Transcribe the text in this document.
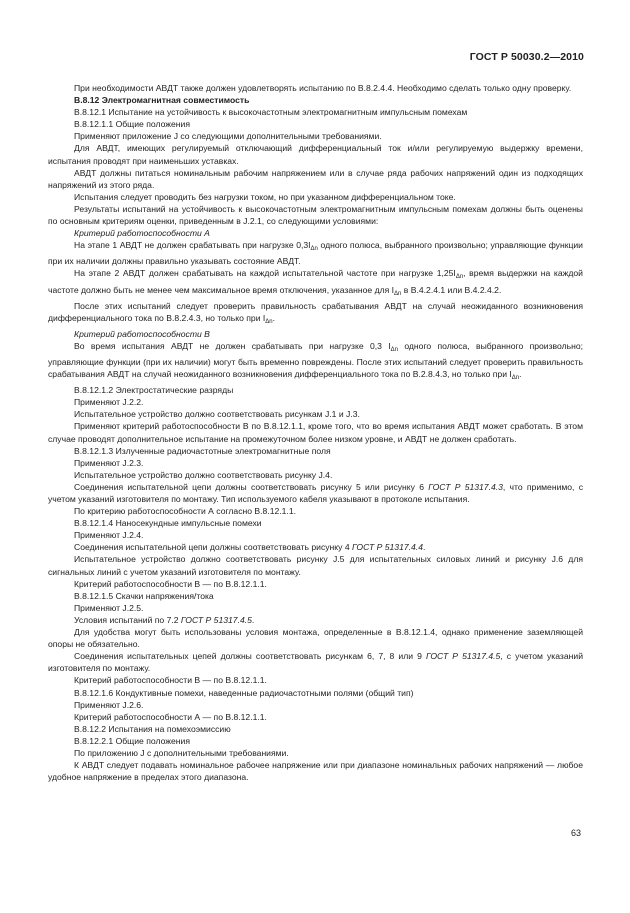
ГОСТ Р 50030.2—2010

При необходимости АВДТ также должен удовлетворять испытанию по В.8.2.4.4. Необходимо сделать только одну проверку.

В.8.12 Электромагнитная совместимость

В.8.12.1 Испытание на устойчивость к высокочастотным электромагнитным импульсным помехам

В.8.12.1.1 Общие положения

Применяют приложение J со следующими дополнительными требованиями.

Для АВДТ, имеющих регулируемый отключающий дифференциальный ток и/или регулируемую выдержку времени, испытания проводят при наименьших уставках.

АВДТ должны питаться номинальным рабочим напряжением или в случае ряда рабочих напряжений один из подходящих напряжений из этого ряда.

Испытания следует проводить без нагрузки током, но при указанном дифференциальном токе.

Результаты испытаний на устойчивость к высокочастотным электромагнитным импульсным помехам должны быть оценены по основным критериям оценки, приведенным в J.2.1, со следующими условиями:

Критерий работоспособности А

На этапе 1 АВДТ не должен срабатывать при нагрузке $0,3I_{\Delta n}$ одного полюса, выбранного произвольно; управляющие функции при их наличии должны правильно указывать состояние АВДТ.

На этапе 2 АВДТ должен срабатывать на каждой испытательной частоте при нагрузке $1,25I_{\Delta n}$, время выдержки на каждой частоте должно быть не менее чем максимальное время отключения, указанное для $I_{\Delta n}$ в В.4.2.4.1 или В.4.2.4.2.

После этих испытаний следует проверить правильность срабатывания АВДТ на случай неожиданного возникновения дифференциального тока по В.8.2.4.3, но только при $I_{\Delta n}$.

Критерий работоспособности В

Во время испытания АВДТ не должен срабатывать при нагрузке 0,3 $I_{\Delta n}$ одного полюса, выбранного произвольно; управляющие функции (при их наличии) могут быть временно повреждены. После этих испытаний следует проверить правильность срабатывания АВДТ на случай неожиданного возникновения дифференциального тока по В.2.8.4.3, но только при $I_{\Delta n}$.

В.8.12.1.2 Электростатические разряды

Применяют J.2.2.

Испытательное устройство должно соответствовать рисункам J.1 и J.3.

Применяют критерий работоспособности В по В.8.12.1.1, кроме того, что во время испытания АВДТ может сработать. В этом случае проводят дополнительное испытание на промежуточном более низком уровне, и АВДТ не должен сработать.

В.8.12.1.3 Излученные радиочастотные электромагнитные поля

Применяют J.2.3.

Испытательное устройство должно соответствовать рисунку J.4.

Соединения испытательной цепи должны соответствовать рисунку 5 или рисунку 6 ГОСТ Р 51317.4.3, что применимо, с учетом указаний изготовителя по монтажу. Тип используемого кабеля указывают в протоколе испытания.

По критерию работоспособности А согласно В.8.12.1.1.

В.8.12.1.4 Наносекундные импульсные помехи

Применяют J.2.4.

Соединения испытательной цепи должны соответствовать рисунку 4 ГОСТ Р 51317.4.4.

Испытательное устройство должно соответствовать рисунку J.5 для испытательных силовых линий и рисунку J.6 для сигнальных линий с учетом указаний изготовителя по монтажу.

Критерий работоспособности В — по В.8.12.1.1.

В.8.12.1.5 Скачки напряжения/тока

Применяют J.2.5.

Условия испытаний по 7.2 ГОСТ Р 51317.4.5.

Для удобства могут быть использованы условия монтажа, определенные в В.8.12.1.4, однако применение заземляющей опоры не обязательно.

Соединения испытательных цепей должны соответствовать рисункам 6, 7, 8 или 9 ГОСТ Р 51317.4.5, с учетом указаний изготовителя по монтажу.

Критерий работоспособности В — по В.8.12.1.1.

В.8.12.1.6 Кондуктивные помехи, наведенные радиочастотными полями (общий тип)

Применяют J.2.6.

Критерий работоспособности А — по В.8.12.1.1.

В.8.12.2 Испытания на помехоэмиссию

В.8.12.2.1 Общие положения

По приложению J с дополнительными требованиями.

К АВДТ следует подавать номинальное рабочее напряжение или при диапазоне номинальных рабочих напряжений — любое удобное напряжение в пределах этого диапазона.

63
